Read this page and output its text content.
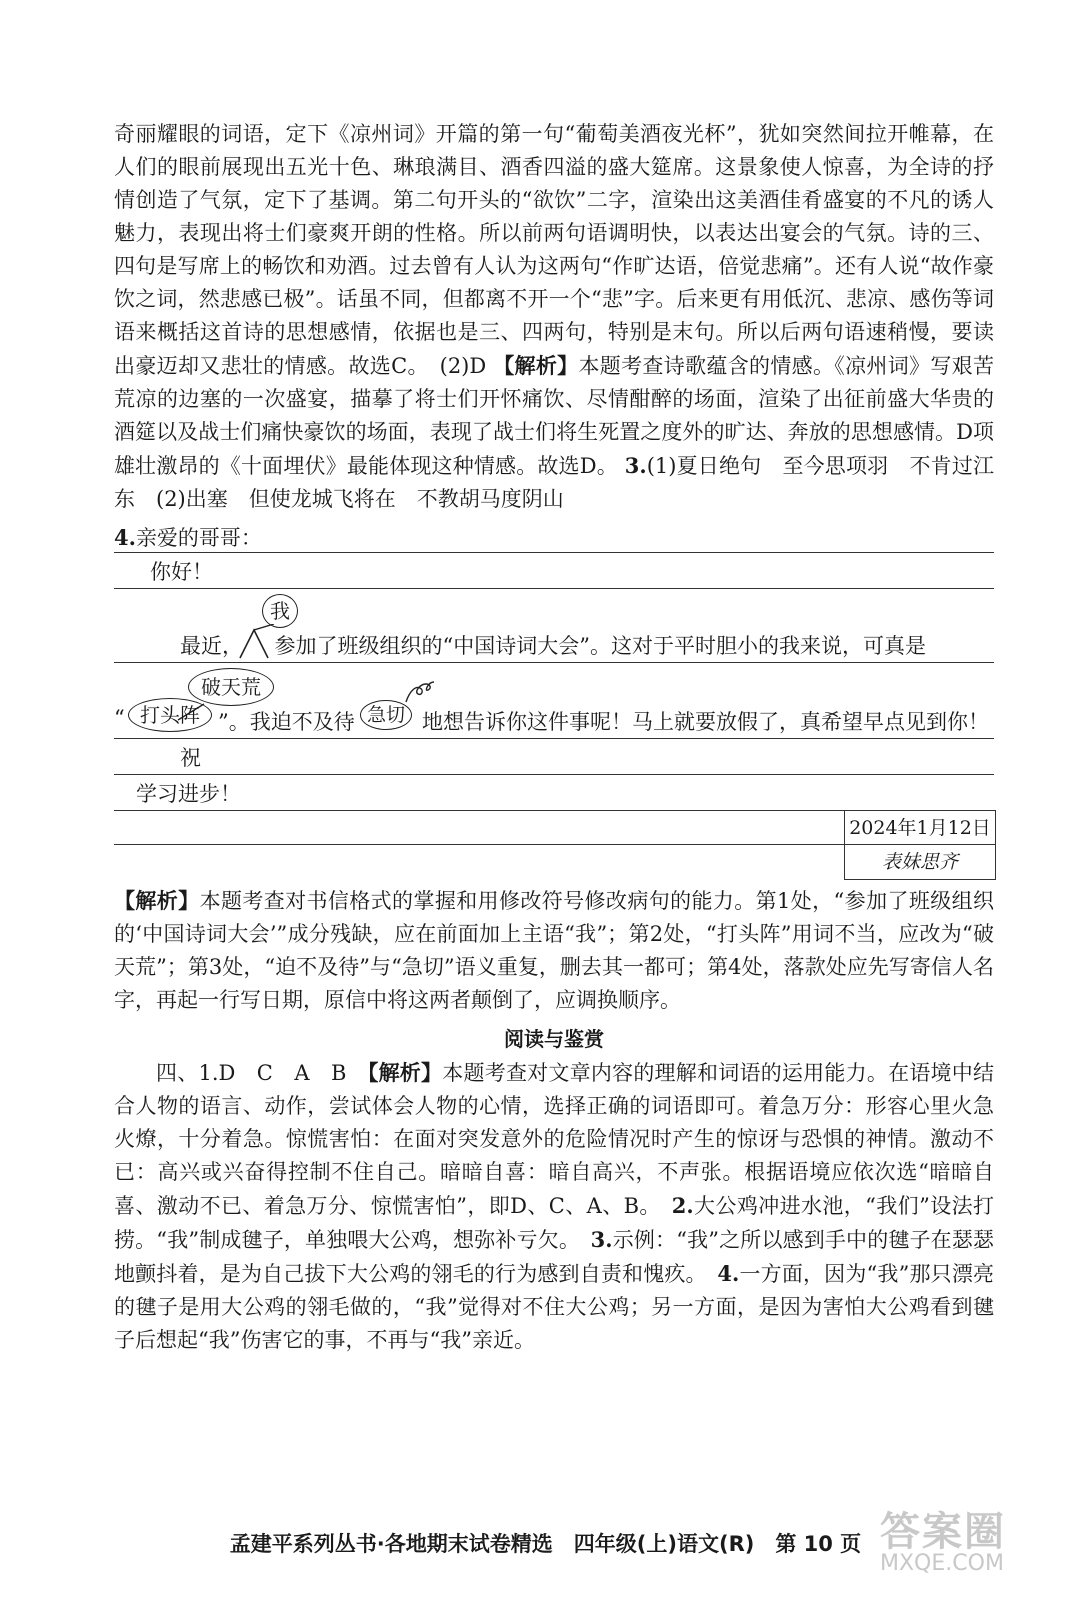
奇丽耀眼的词语，定下《凉州词》开篇的第一句“葡萄美酒夜光杯”，犹如突然间拉开帷幕，在人们的眼前展现出五光十色、琳琅满目、酒香四溢的盛大筵席。这景象使人惊喜，为全诗的抒情创造了气氛，定下了基调。第二句开头的“欲饮”二字，渲染出这美酒佳肴盛宴的不凡的诱人魅力，表现出将士们豪爽开朗的性格。所以前两句语调明快，以表达出宴会的气氛。诗的三、四句是写席上的畅饮和劝酒。过去曾有人认为这两句“作旷达语，倍觉悲痛”。还有人说“故作豪饮之词，然悲感已极”。话虽不同，但都离不开一个“悲”字。后来更有用低沉、悲凉、感伤等词语来概括这首诗的思想感情，依据也是三、四两句，特别是末句。所以后两句语速稍慢，要读出豪迈却又悲壮的情感。故选C。　(2)D 【解析】本题考查诗歌蕴含的情感。《凉州词》写艰苦荒凉的边塞的一次盛宴，描摹了将士们开怀痛饮、尽情酣醉的场面，渲染了出征前盛大华贵的酒筵以及战士们痛快豪饮的场面，表现了战士们将生死置之度外的旷达、奔放的思想感情。D项雄壮激昂的《十面埋伏》最能体现这种情感。故选D。 3.(1)夏日绝句　至今思项羽　不肯过江东　(2)出塞　但使龙城飞将在　不教胡马度阴山

4.亲爱的哥哥：
你好！
我
最近，　　参加了班级组织的“中国诗词大会”。这对于平时胆小的我来说，可真是
破天荒
“ 打头阵 ”。我迫不及待 急切 地想告诉你这件事呢！马上就要放假了，真希望早点见到你！
祝
学习进步！
2024年1月12日
表妹思齐

【解析】本题考查对书信格式的掌握和用修改符号修改病句的能力。第1处，“参加了班级组织的‘中国诗词大会’”成分残缺，应在前面加上主语“我”；第2处，“打头阵”用词不当，应改为“破天荒”；第3处，“迫不及待”与“急切”语义重复，删去其一都可；第4处，落款处应先写寄信人名字，再起一行写日期，原信中将这两者颠倒了，应调换顺序。

阅读与鉴赏

四、1.D　C　A　B　【解析】本题考查对文章内容的理解和词语的运用能力。在语境中结合人物的语言、动作，尝试体会人物的心情，选择正确的词语即可。着急万分：形容心里火急火燎，十分着急。惊慌害怕：在面对突发意外的危险情况时产生的惊讶与恐惧的神情。激动不已：高兴或兴奋得控制不住自己。暗暗自喜：暗自高兴，不声张。根据语境应依次选“暗暗自喜、激动不已、着急万分、惊慌害怕”，即D、C、A、B。　2.大公鸡冲进水池，“我们”设法打捞。“我”制成毽子，单独喂大公鸡，想弥补亏欠。　3.示例：“我”之所以感到手中的毽子在瑟瑟地颤抖着，是为自己拔下大公鸡的翎毛的行为感到自责和愧疚。　4.一方面，因为“我”那只漂亮的毽子是用大公鸡的翎毛做的，“我”觉得对不住大公鸡；另一方面，是因为害怕大公鸡看到毽子后想起“我”伤害它的事，不再与“我”亲近。

孟建平系列丛书·各地期末试卷精选　四年级(上)语文(R)　第 10 页 答案圈
MXQE.COM
